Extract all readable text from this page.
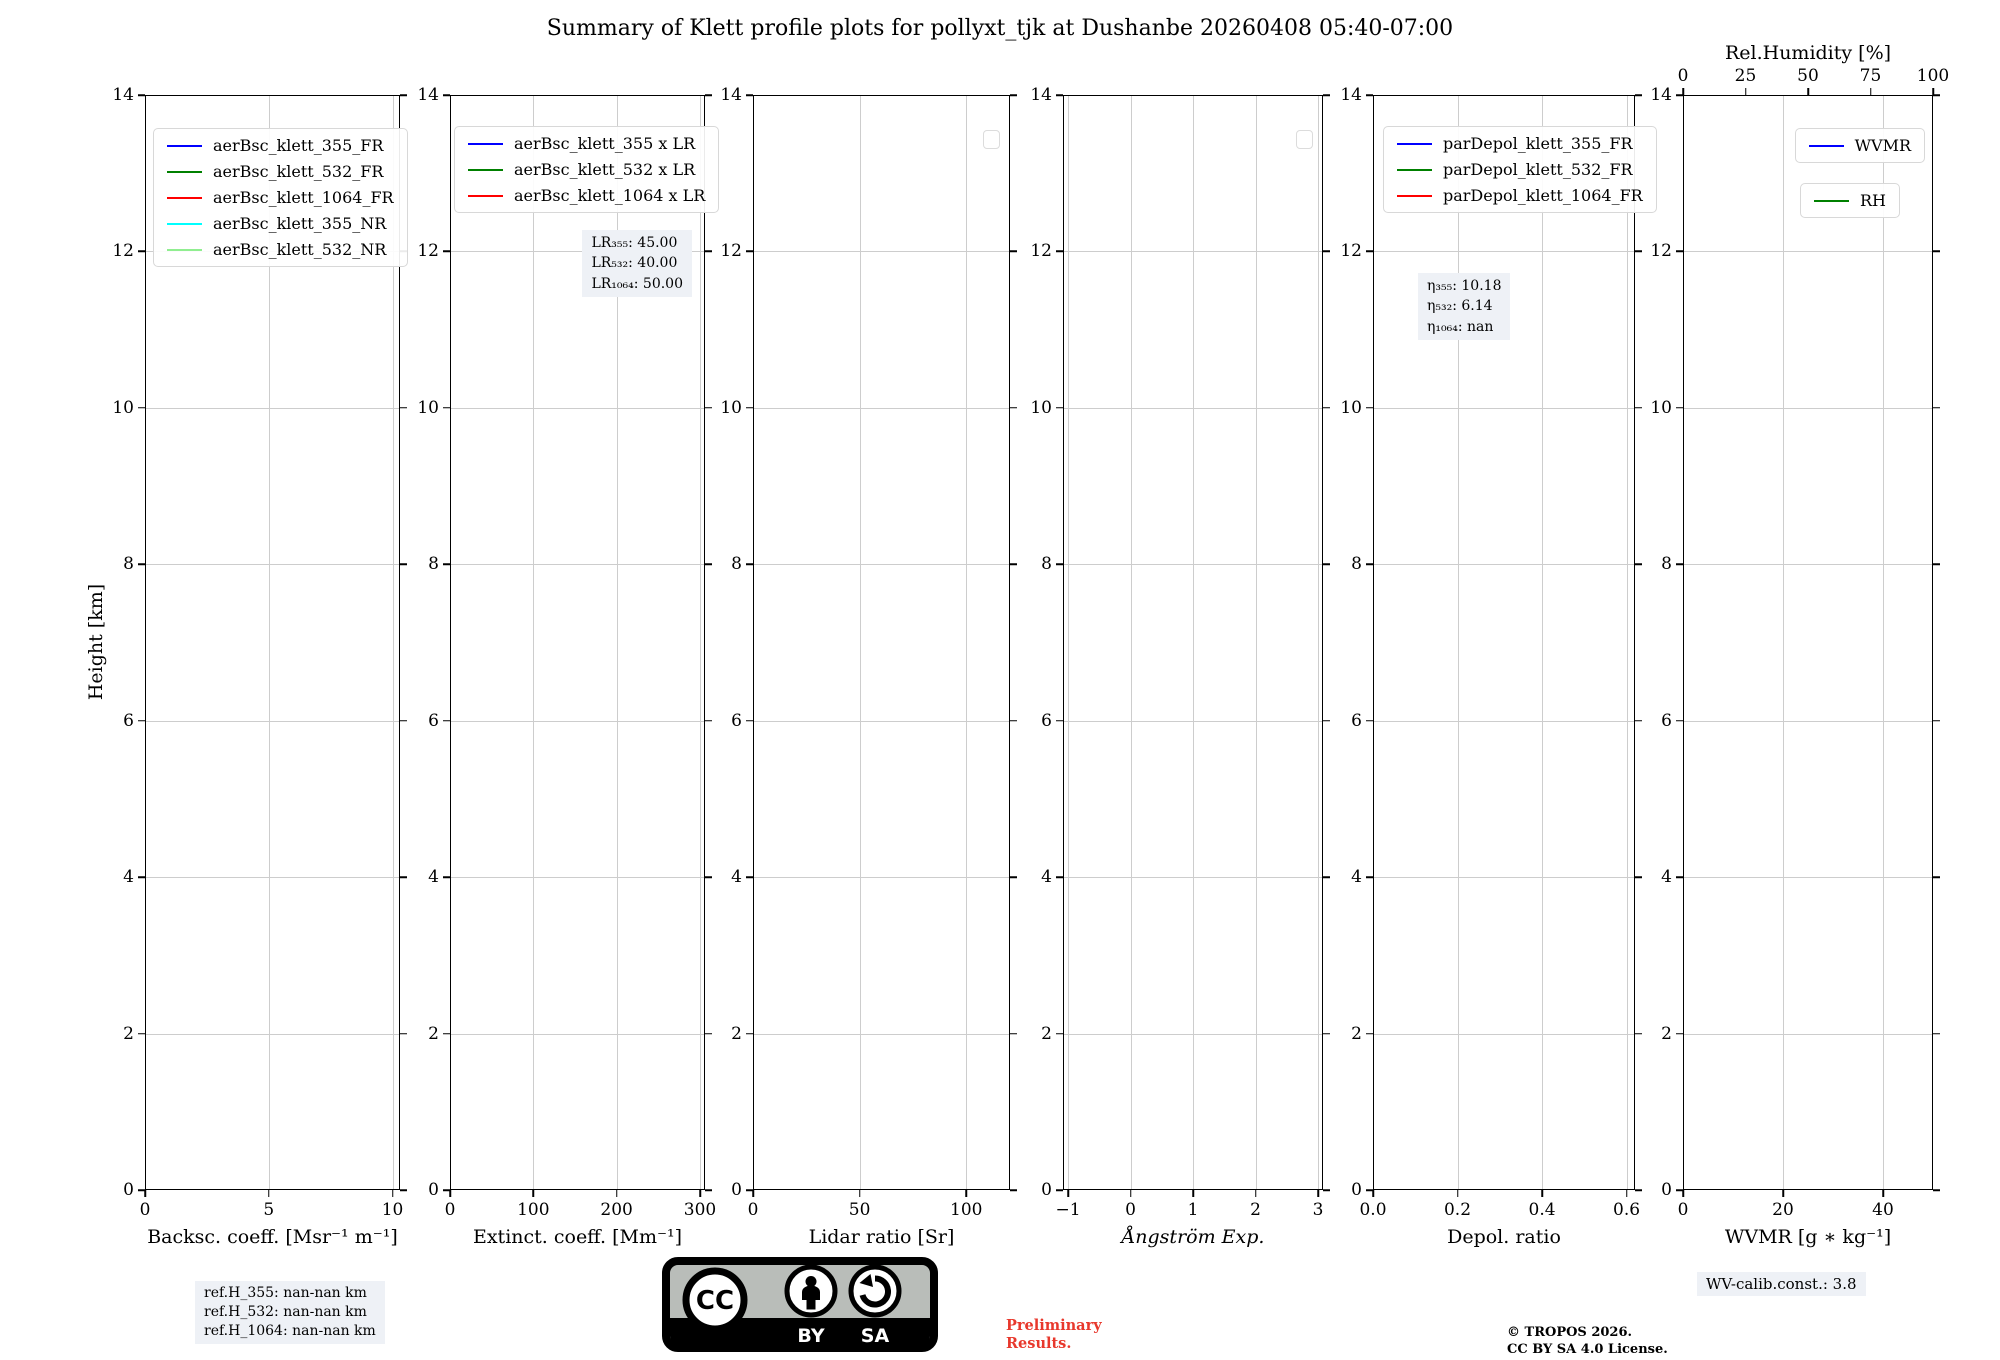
Summary of Klett profile plots for pollyxt_tjk at Dushanbe 20260408 05:40-07:00
Height [km]
aerBsc_klett_355_FR
aerBsc_klett_532_FR
aerBsc_klett_1064_FR
aerBsc_klett_355_NR
aerBsc_klett_532_NR
Backsc. coeff. [Msr⁻¹ m⁻¹]
0
2
4
6
8
10
12
14
0	5	10
aerBsc_klett_355 x LR
aerBsc_klett_532 x LR
aerBsc_klett_1064 x LR
LR₃₅₅: 45.00
LR₅₃₂: 40.00
LR₁₀₆₄: 50.00
Extinct. coeff. [Mm⁻¹]
0
2
4
6
8
10
12
14
0	100	200	300
Lidar ratio [Sr]
0
2
4
6
8
10
12
14
0	50	100
Ångström Exp.
0
2
4
6
8
10
12
14
−1	0	1	2	3
parDepol_klett_355_FR
parDepol_klett_532_FR
parDepol_klett_1064_FR
η₃₅₅: 10.18
η₅₃₂: 6.14
η₁₀₆₄: nan
Depol. ratio
0
2
4
6
8
10
12
14
0.0	0.2	0.4	0.6
Rel.Humidity [%]
WVMR
RH
WVMR [g ∗ kg⁻¹]
0
2
4
6
8
10
12
14
0	20	40
0	25 50 75 100
ref.H_355: nan-nan km
ref.H_532: nan-nan km
ref.H_1064: nan-nan km
CC
BY SA	Preliminary
Results.
© TROPOS 2026.
CC BY SA 4.0 License.
WV-calib.const.: 3.8
